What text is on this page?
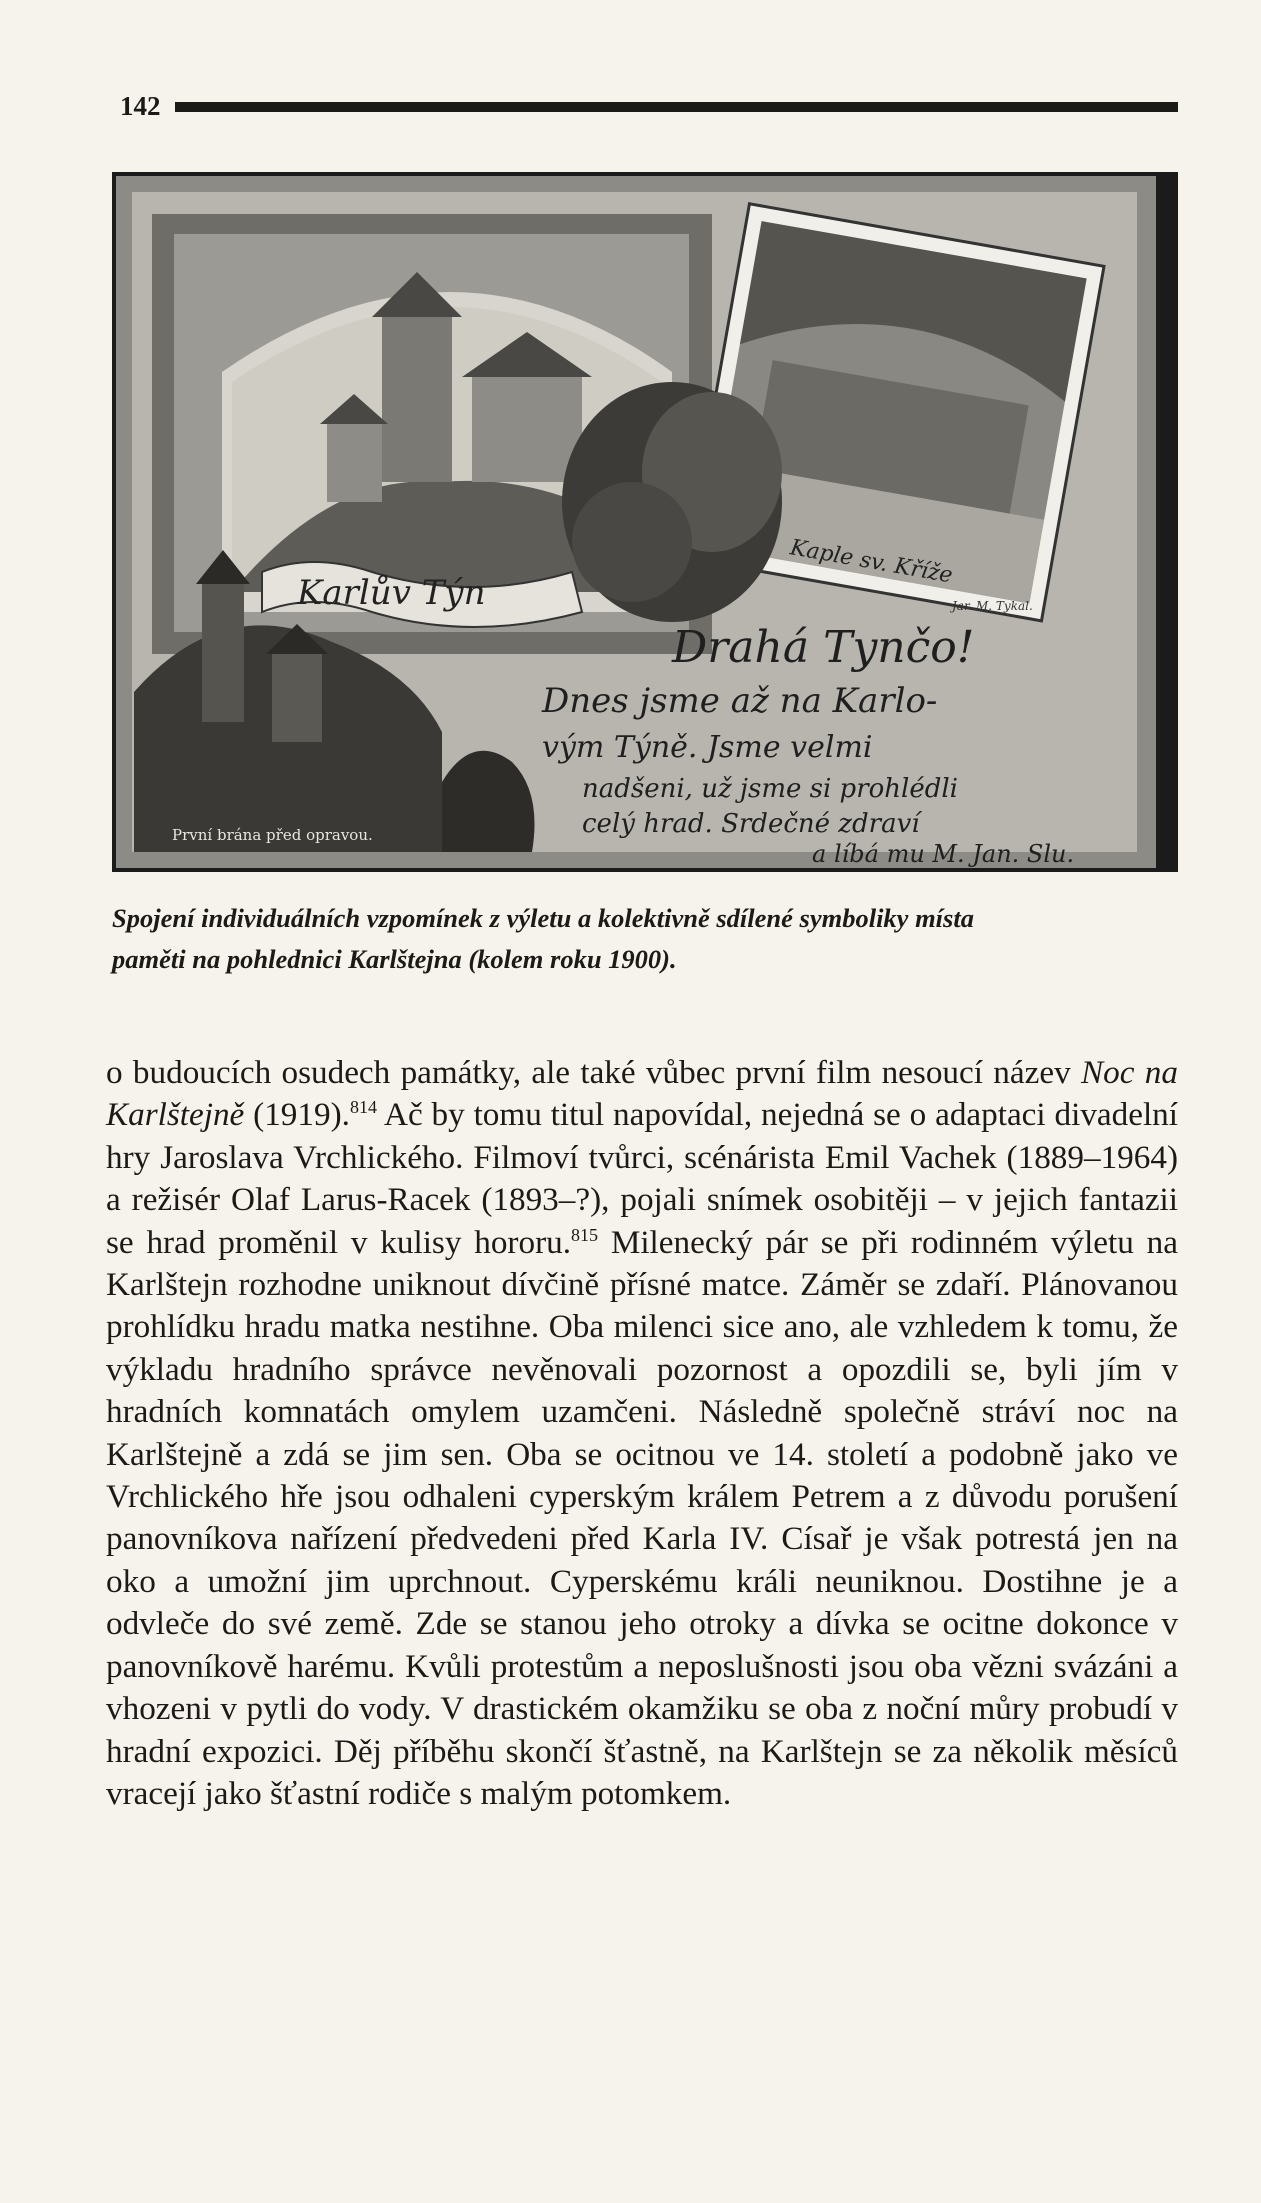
142
Karlův Týn
Kaple sv. Kříže
První brána před opravou.
Jar. M. Tykal.
Drahá Tynčo!
Dnes jsme až na Karlo-
vým Týně. Jsme velmi
nadšeni, už jsme si prohlédli
celý hrad. Srdečné zdraví
a líbá mu M. Jan. Slu.
Spojení individuálních vzpomínek z výletu a kolektivně sdílené symboliky místa
paměti na pohlednici Karlštejna (kolem roku 1900).

o budoucích osudech památky, ale také vůbec první film nesoucí název Noc na Karlštejně (1919).$^{814}$ Ač by tomu titul napovídal, nejedná se o adaptaci divadelní hry Jaroslava Vrchlického. Filmoví tvůrci, scénárista Emil Vachek (1889–1964) a režisér Olaf Larus-Racek (1893–?), pojali snímek osobitěji – v jejich fantazii se hrad proměnil v kulisy hororu.$^{815}$ Milenecký pár se při rodinném výletu na Karlštejn rozhodne uniknout dívčině přísné matce. Záměr se zdaří. Plánovanou prohlídku hradu matka nestihne. Oba milenci sice ano, ale vzhledem k tomu, že výkladu hradního správce nevěnovali pozornost a opozdili se, byli jím v hradních komnatách omylem uzamčeni. Následně společně stráví noc na Karlštejně a zdá se jim sen. Oba se ocitnou ve 14. století a podobně jako ve Vrchlického hře jsou odhaleni cyperským králem Petrem a z důvodu porušení panovníkova nařízení předvedeni před Karla IV. Císař je však potrestá jen na oko a umožní jim uprchnout. Cyperskému králi neuniknou. Dostihne je a odvleče do své země. Zde se stanou jeho otroky a dívka se ocitne dokonce v panovníkově harému. Kvůli protestům a neposlušnosti jsou oba vězni svázáni a vhozeni v pytli do vody. V drastickém okamžiku se oba z noční můry probudí v hradní expozici. Děj příběhu skončí šťastně, na Karlštejn se za několik měsíců vracejí jako šťastní rodiče s malým potomkem.
